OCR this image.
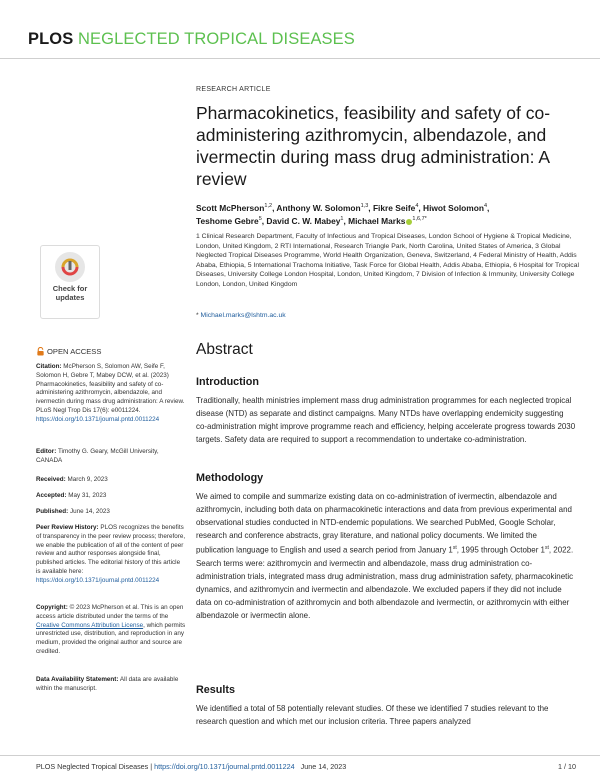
PLOS NEGLECTED TROPICAL DISEASES
RESEARCH ARTICLE
Pharmacokinetics, feasibility and safety of co-administering azithromycin, albendazole, and ivermectin during mass drug administration: A review
Scott McPherson$^{1,2}$, Anthony W. Solomon$^{1,3}$, Fikre Seife$^4$, Hiwot Solomon$^4$,
Teshome Gebre$^5$, David C. W. Mabey$^1$, Michael Marks $^{1,6,7*}$
1 Clinical Research Department, Faculty of Infectious and Tropical Diseases, London School of Hygiene & Tropical Medicine, London, United Kingdom, 2 RTI International, Research Triangle Park, North Carolina, United States of America, 3 Global Neglected Tropical Diseases Programme, World Health Organization, Geneva, Switzerland, 4 Federal Ministry of Health, Addis Ababa, Ethiopia, 5 International Trachoma Initiative, Task Force for Global Health, Addis Ababa, Ethiopia, 6 Hospital for Tropical Diseases, University College London Hospital, London, United Kingdom, 7 Division of Infection & Immunity, University College London, London, United Kingdom
* Michael.marks@lshtm.ac.uk
Check for
updates
OPEN ACCESS
Citation: McPherson S, Solomon AW, Seife F, Solomon H, Gebre T, Mabey DCW, et al. (2023) Pharmacokinetics, feasibility and safety of co-administering azithromycin, albendazole, and ivermectin during mass drug administration: A review. PLoS Negl Trop Dis 17(6): e0011224. https://doi.org/10.1371/journal.pntd.0011224
Editor: Timothy G. Geary, McGill University, CANADA
Received: March 9, 2023
Accepted: May 31, 2023
Published: June 14, 2023
Peer Review History: PLOS recognizes the benefits of transparency in the peer review process; therefore, we enable the publication of all of the content of peer review and author responses alongside final, published articles. The editorial history of this article is available here: https://doi.org/10.1371/journal.pntd.0011224
Copyright: © 2023 McPherson et al. This is an open access article distributed under the terms of the Creative Commons Attribution License, which permits unrestricted use, distribution, and reproduction in any medium, provided the original author and source are credited.
Data Availability Statement: All data are available within the manuscript.
Abstract
Introduction
Traditionally, health ministries implement mass drug administration programmes for each neglected tropical disease (NTD) as separate and distinct campaigns. Many NTDs have overlapping endemicity suggesting co-administration might improve programme reach and efficiency, helping accelerate progress towards 2030 targets. Safety data are required to support a recommendation to undertake co-administration.
Methodology
We aimed to compile and summarize existing data on co-administration of ivermectin, albendazole and azithromycin, including both data on pharmacokinetic interactions and data from previous experimental and observational studies conducted in NTD-endemic populations. We searched PubMed, Google Scholar, research and conference abstracts, gray literature, and national policy documents. We limited the publication language to English and used a search period from January 1st, 1995 through October 1st, 2022. Search terms were: azithromycin and ivermectin and albendazole, mass drug administration co-administration trials, integrated mass drug administration, mass drug administration safety, pharmacokinetic dynamics, and azithromycin and ivermectin and albendazole. We excluded papers if they did not include data on co-administration of azithromycin and both albendazole and ivermectin, or azithromycin with either albendazole or ivermectin alone.
Results
We identified a total of 58 potentially relevant studies. Of these we identified 7 studies relevant to the research question and which met our inclusion criteria. Three papers analyzed
PLOS Neglected Tropical Diseases | https://doi.org/10.1371/journal.pntd.0011224 June 14, 2023	1 / 10
